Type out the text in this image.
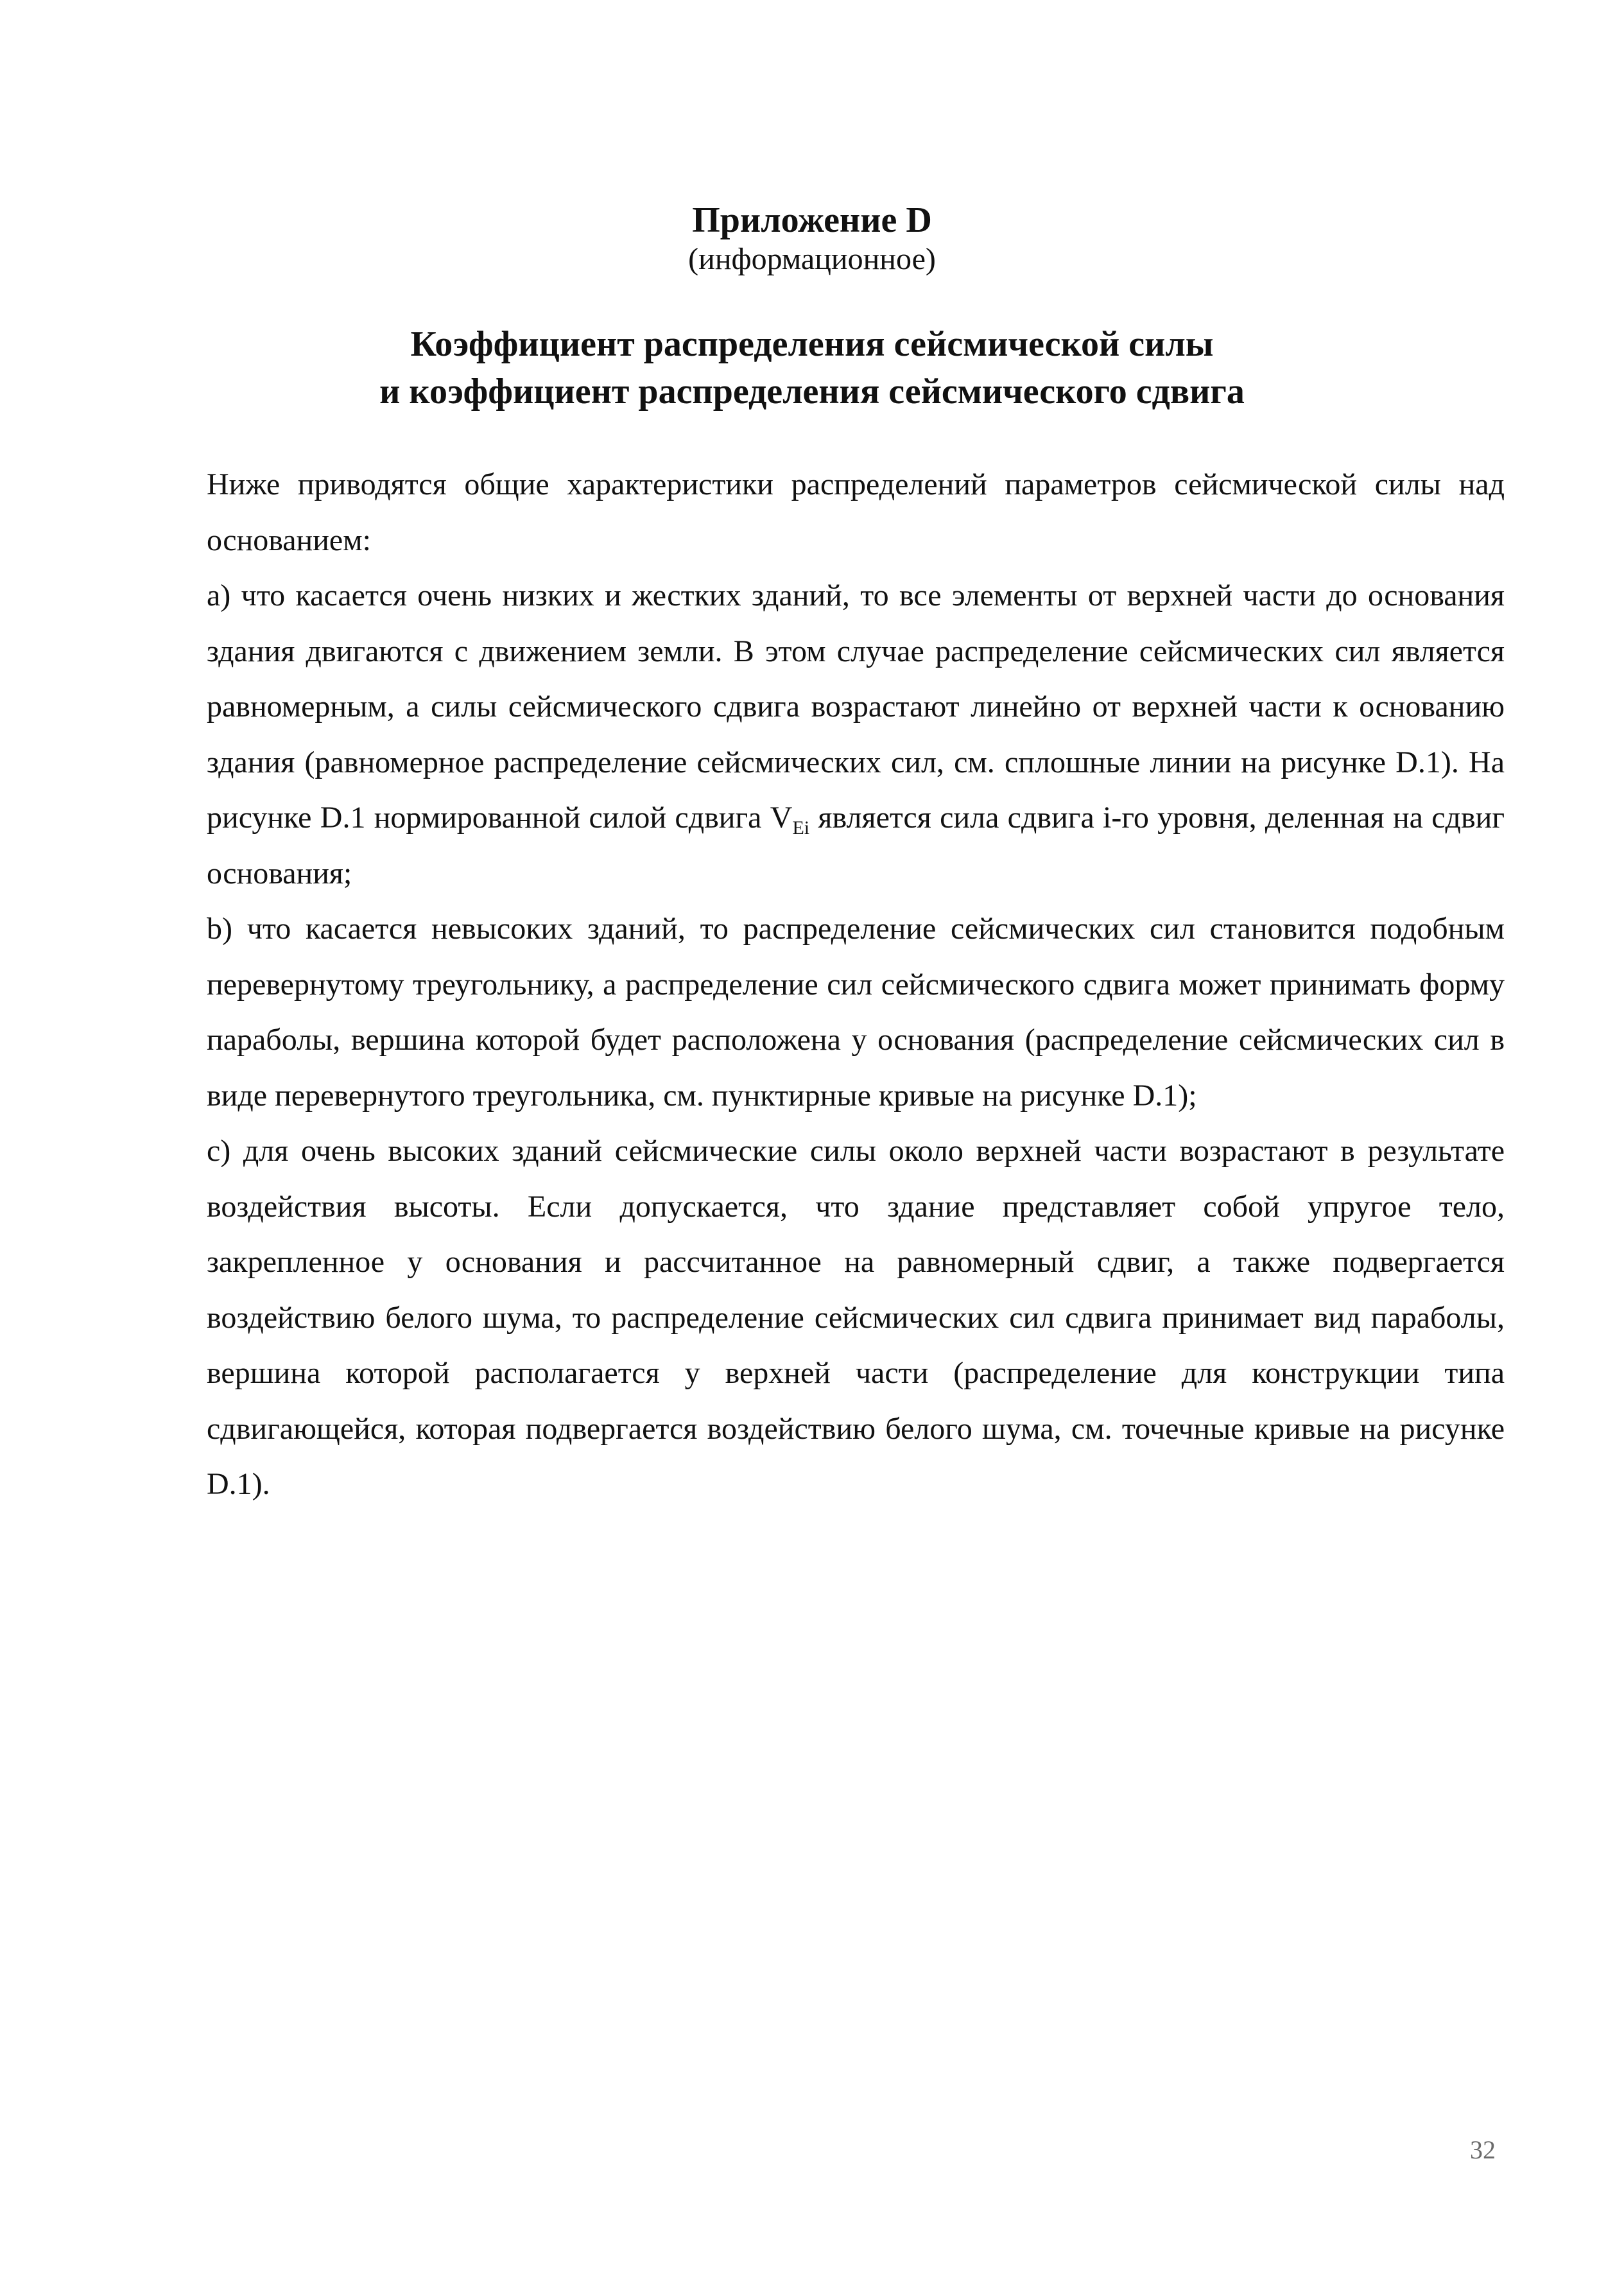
Приложение D
(информационное)
Коэффициент распределения сейсмической силы
и коэффициент распределения сейсмического сдвига

Ниже приводятся общие характеристики распределений параметров сейсмической силы над основанием:

а) что касается очень низких и жестких зданий, то все элементы от верхней части до основания здания двигаются с движением земли. В этом случае распределение сейсмических сил является равномерным, а силы сейсмического сдвига возрастают линейно от верхней части к основанию здания (равномерное распределение сейсмических сил, см. сплошные линии на рисунке D.1). На рисунке D.1 нормированной силой сдвига $V_{Ei}$ является сила сдвига i-го уровня, деленная на сдвиг основания;

b) что касается невысоких зданий, то распределение сейсмических сил становится подобным перевернутому треугольнику, а распределение сил сейсмического сдвига может принимать форму параболы, вершина которой будет расположена у основания (распределение сейсмических сил в виде перевернутого треугольника, см. пунктирные кривые на рисунке D.1);

с) для очень высоких зданий сейсмические силы около верхней части возрастают в результате воздействия высоты. Если допускается, что здание представляет собой упругое тело, закрепленное у основания и рассчитанное на равномерный сдвиг, а также подвергается воздействию белого шума, то распределение сейсмических сил сдвига принимает вид параболы, вершина которой располагается у верхней части (распределение для конструкции типа сдвигающейся, которая подвергается воздействию белого шума, см. точечные кривые на рисунке D.1).

32
